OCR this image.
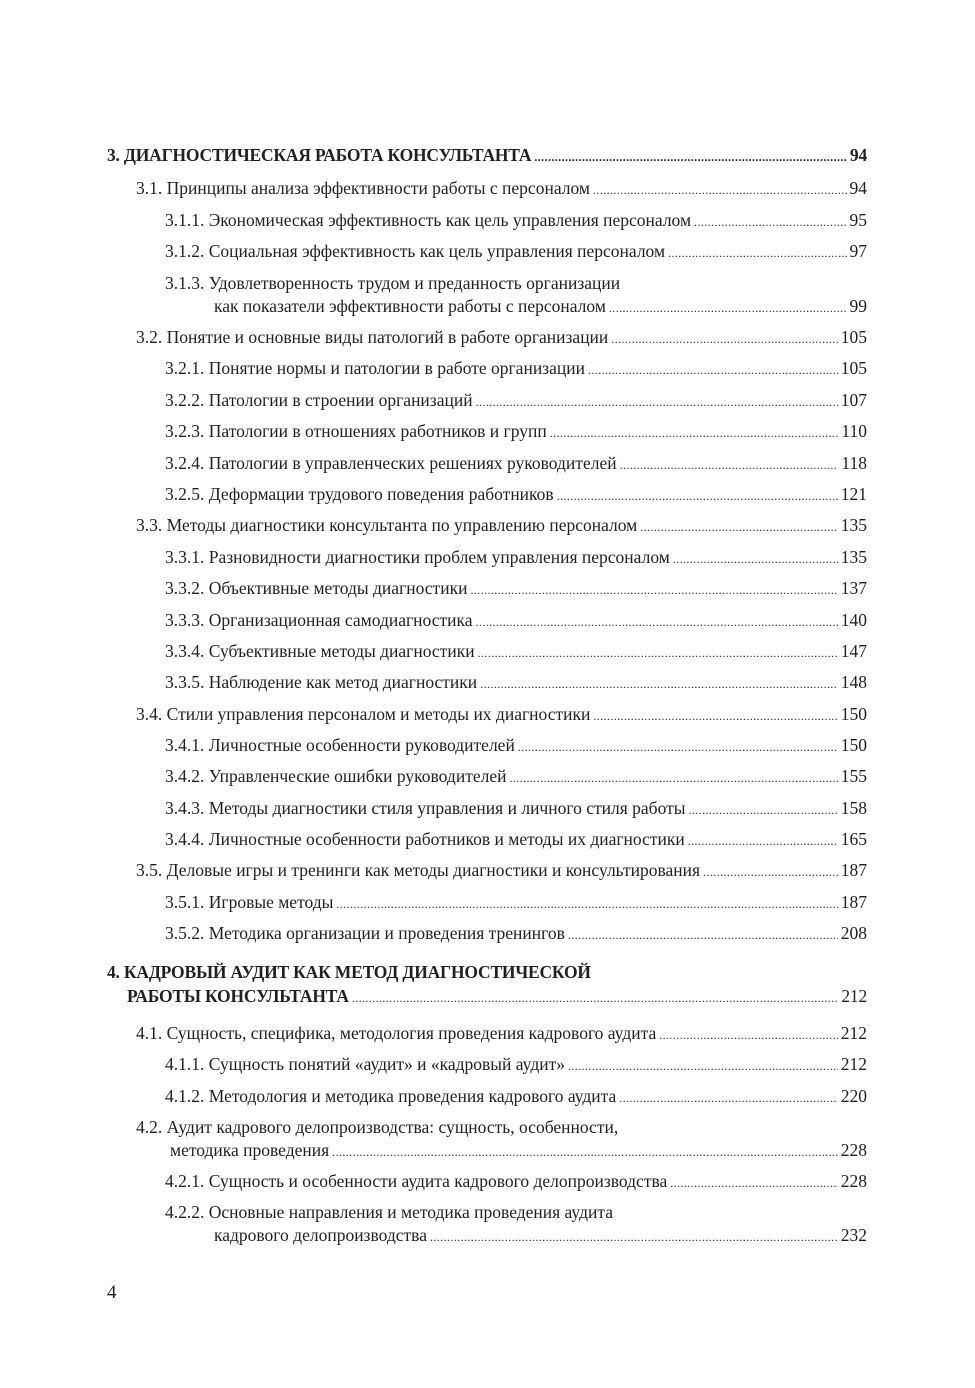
3. ДИАГНОСТИЧЕСКАЯ РАБОТА КОНСУЛЬТАНТА . . .	94
3.1. Принципы анализа эффективности работы с персоналом . . .	94
3.1.1. Экономическая эффективность как цель управления персоналом . . .	95
3.1.2. Социальная эффективность как цель управления персоналом . . .	97
3.1.3. Удовлетворенность трудом и преданность организации
как показатели эффективности работы с персоналом . . .	99
3.2. Понятие и основные виды патологий в работе организации . . .	105
3.2.1. Понятие нормы и патологии в работе организации . . .	105
3.2.2. Патологии в строении организаций . . .	107
3.2.3. Патологии в отношениях работников и групп . . .	110
3.2.4. Патологии в управленческих решениях руководителей . . .	118
3.2.5. Деформации трудового поведения работников . . .	121
3.3. Методы диагностики консультанта по управлению персоналом . . .	135
3.3.1. Разновидности диагностики проблем управления персоналом . . .	135
3.3.2. Объективные методы диагностики . . .	137
3.3.3. Организационная самодиагностика . . .	140
3.3.4. Субъективные методы диагностики . . .	147
3.3.5. Наблюдение как метод диагностики . . .	148
3.4. Стили управления персоналом и методы их диагностики . . .	150
3.4.1. Личностные особенности руководителей . . .	150
3.4.2. Управленческие ошибки руководителей . . .	155
3.4.3. Методы диагностики стиля управления и личного стиля работы . . .	158
3.4.4. Личностные особенности работников и методы их диагностики . . .	165
3.5. Деловые игры и тренинги как методы диагностики и консультирования . . .	187
3.5.1. Игровые методы . . .	187
3.5.2. Методика организации и проведения тренингов . . .	208
4. КАДРОВЫЙ АУДИТ КАК МЕТОД ДИАГНОСТИЧЕСКОЙ
РАБОТЫ КОНСУЛЬТАНТА . . .	212
4.1. Сущность, специфика, методология проведения кадрового аудита . . .	212
4.1.1. Сущность понятий «аудит» и «кадровый аудит» . . .	212
4.1.2. Методология и методика проведения кадрового аудита . . .	220
4.2. Аудит кадрового делопроизводства: сущность, особенности,
методика проведения . . .	228
4.2.1. Сущность и особенности аудита кадрового делопроизводства . . .	228
4.2.2. Основные направления и методика проведения аудита
кадрового делопроизводства . . .	232
4
